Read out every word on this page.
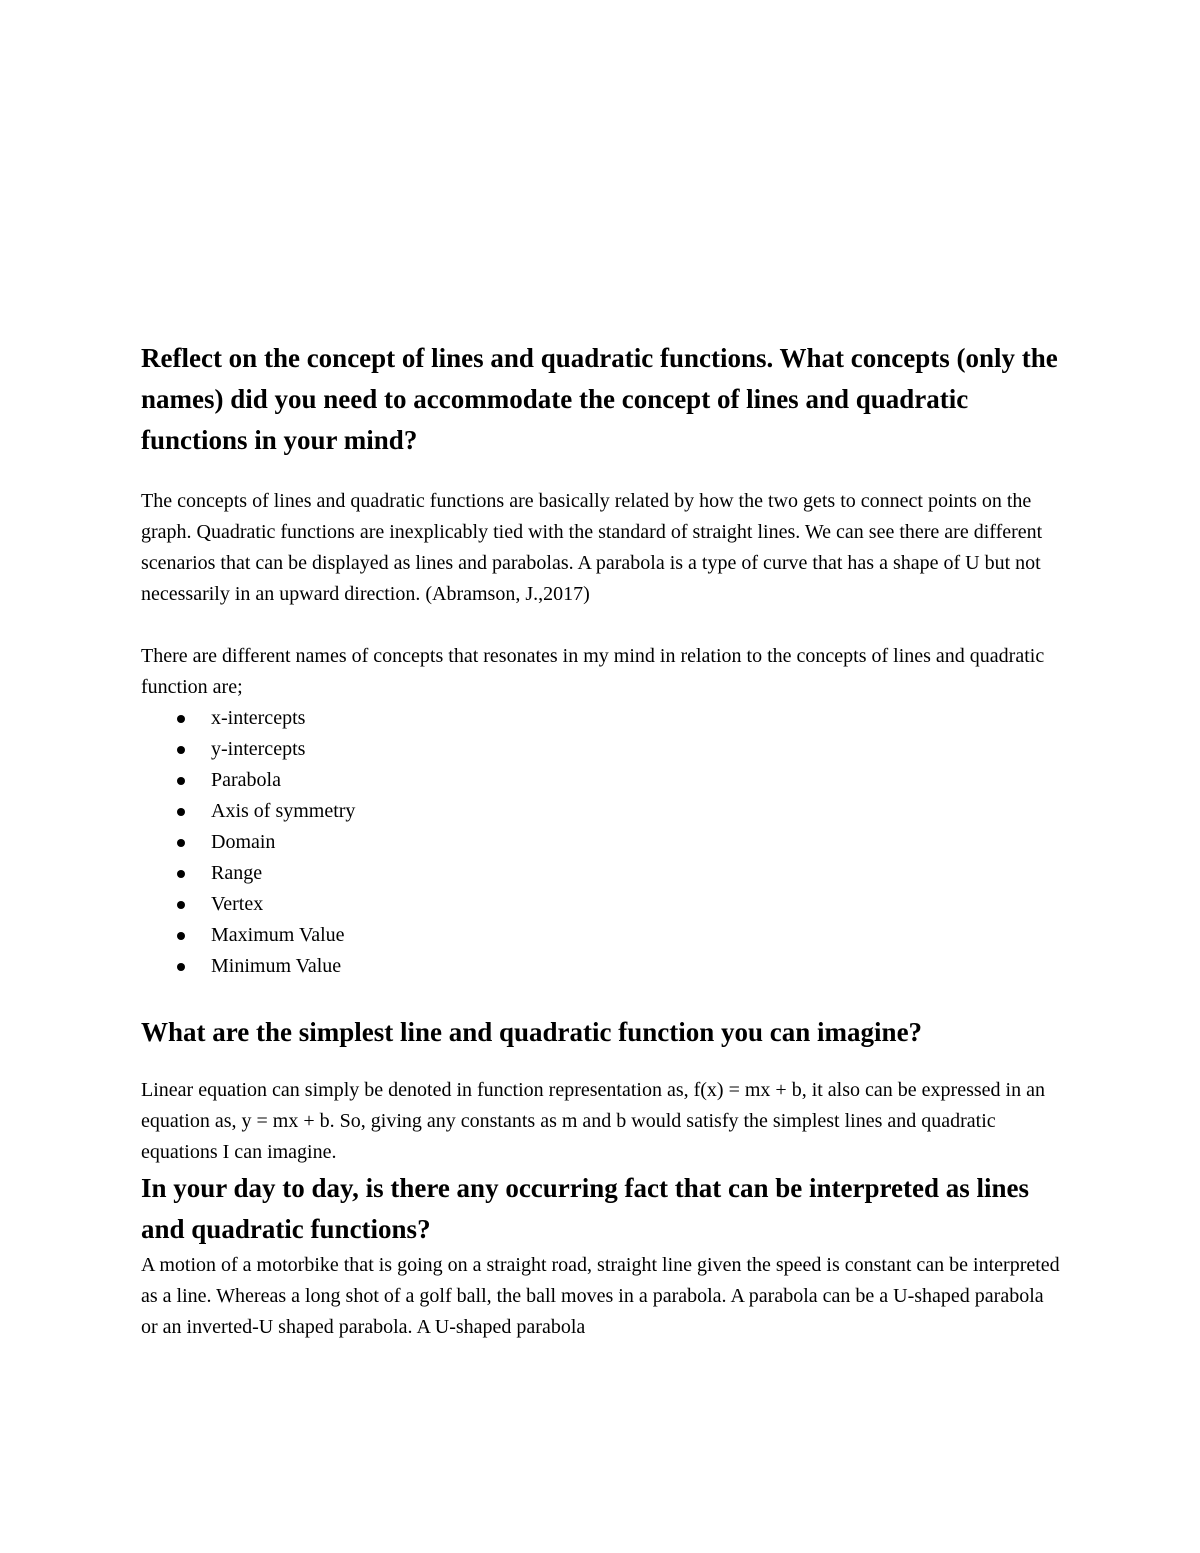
Reflect on the concept of lines and quadratic functions. What concepts (only the names) did you need to accommodate the concept of lines and quadratic functions in your mind?

The concepts of lines and quadratic functions are basically related by how the two gets to connect points on the graph. Quadratic functions are inexplicably tied with the standard of straight lines. We can see there are different scenarios that can be displayed as lines and parabolas. A parabola is a type of curve that has a shape of U but not necessarily in an upward direction. (Abramson, J.,2017)

There are different names of concepts that resonates in my mind in relation to the concepts of lines and quadratic function are;

x-intercepts
y-intercepts
Parabola
Axis of symmetry
Domain
Range
Vertex
Maximum Value
Minimum Value
What are the simplest line and quadratic function you can imagine?

Linear equation can simply be denoted in function representation as, f(x) = mx + b, it also can be expressed in an equation as, y = mx + b. So, giving any constants as m and b would satisfy the simplest lines and quadratic equations I can imagine.

In your day to day, is there any occurring fact that can be interpreted as lines and quadratic functions?

A motion of a motorbike that is going on a straight road, straight line given the speed is constant can be interpreted as a line. Whereas a long shot of a golf ball, the ball moves in a parabola. A parabola can be a U-shaped parabola or an inverted-U shaped parabola. A U-shaped parabola
